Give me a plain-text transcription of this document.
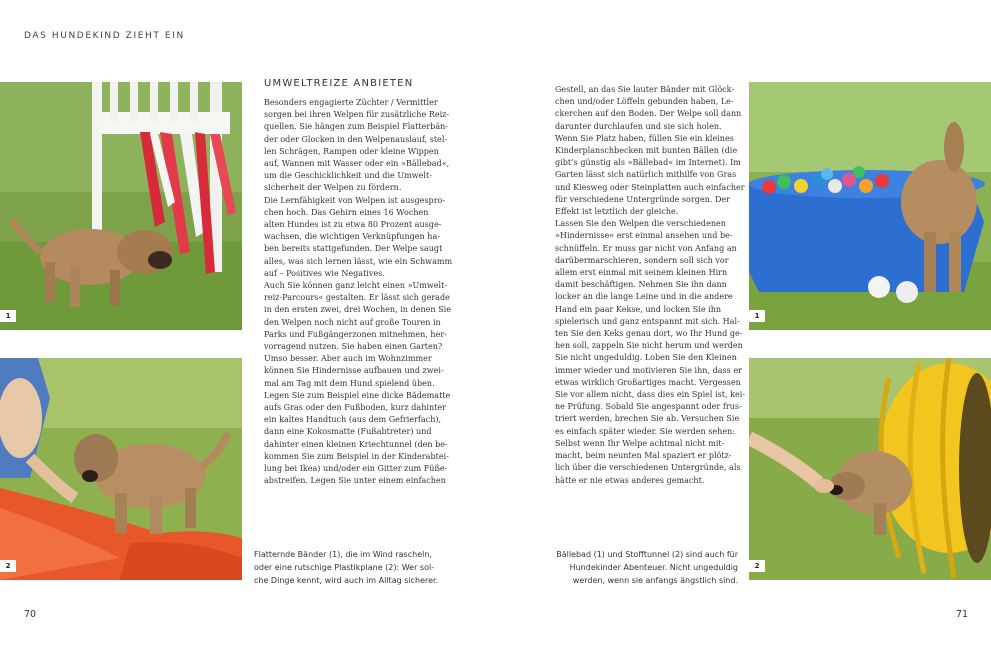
DAS HUNDEKIND ZIEHT EIN
1
2
UMWELTREIZE ANBIETEN
Besonders engagierte Züchter / Vermittler
sorgen bei ihren Welpen für zusätzliche Reiz-
quellen. Sie hängen zum Beispiel Flatterbän-
der oder Glocken in den Welpenauslauf, stel-
len Schrägen, Rampen oder kleine Wippen
auf, Wannen mit Wasser oder ein »Bällebad«,
um die Geschicklichkeit und die Umwelt-
sicherheit der Welpen zu fördern.
Die Lernfähigkeit von Welpen ist ausgespro-
chen hoch. Das Gehirn eines 16 Wochen
alten Hundes ist zu etwa 80 Prozent ausge-
wachsen, die wichtigen Verknüpfungen ha-
ben bereits stattgefunden. Der Welpe saugt
alles, was sich lernen lässt, wie ein Schwamm
auf – Positives wie Negatives.
Auch Sie können ganz leicht einen »Umwelt-
reiz-Parcours« gestalten. Er lässt sich gerade
in den ersten zwei, drei Wochen, in denen Sie
den Welpen noch nicht auf große Touren in
Parks und Fußgängerzonen mitnehmen, her-
vorragend nutzen. Sie haben einen Garten?
Umso besser. Aber auch im Wohnzimmer
können Sie Hindernisse aufbauen und zwei-
mal am Tag mit dem Hund spielend üben.
Legen Sie zum Beispiel eine dicke Bădematte
aufs Gras oder den Fußboden, kurz dahinter
ein kaltes Handtuch (aus dem Gefrierfach),
dann eine Kokosmatte (Fußabtreter) und
dahinter einen kleinen Kriechtunnel (den be-
kommen Sie zum Beispiel in der Kinderabtei-
lung bei Ikea) und/oder ein Gitter zum Füße-
abstreifen. Legen Sie unter einem einfachen
Gestell, an das Sie lauter Bänder mit Glöck-
chen und/oder Löffeln gebunden haben, Le-
ckerchen auf den Boden. Der Welpe soll dann
darunter durchlaufen und sie sich holen.
Wenn Sie Platz haben, füllen Sie ein kleines
Kinderplanschbecken mit bunten Bällen (die
gibt’s günstig als »Bällebad« im Internet). Im
Garten lässt sich natürlich mithilfe von Gras
und Kiesweg oder Steinplatten auch einfacher
für verschiedene Untergründe sorgen. Der
Effekt ist letztlich der gleiche.
Lassen Sie den Welpen die verschiedenen
»Hindernisse« erst einmal ansehen und be-
schnüffeln. Er muss gar nicht von Anfang an
darübermarschieren, sondern soll sich vor
allem erst einmal mit seinem kleinen Hirn
damit beschäftigen. Nehmen Sie ihn dann
locker an die lange Leine und in die andere
Hand ein paar Kekse, und locken Sie ihn
spielerisch und ganz entspannt mit sich. Hal-
ten Sie den Keks genau dort, wo Ihr Hund ge-
hen soll, zappeln Sie nicht herum und werden
Sie nicht ungeduldig. Loben Sie den Kleinen
immer wieder und motivieren Sie ihn, dass er
etwas wirklich Großartiges macht. Vergessen
Sie vor allem nicht, dass dies ein Spiel ist, kei-
ne Prüfung. Sobald Sie angespannt oder frus-
triert werden, brechen Sie ab. Versuchen Sie
es einfach später wieder. Sie werden sehen:
Selbst wenn Ihr Welpe achtmal nicht mit-
macht, beim neunten Mal spaziert er plötz-
lich über die verschiedenen Untergründe, als
hätte er nie etwas anderes gemacht.
Flatternde Bänder (1), die im Wind rascheln,
oder eine rutschige Plastikplane (2): Wer sol-
che Dinge kennt, wird auch im Alltag sicherer.
Bällebad (1) und Stofftunnel (2) sind auch für
Hundekinder Abenteuer. Nicht ungeduldig
werden, wenn sie anfangs ängstlich sind.
1
2
70	71
